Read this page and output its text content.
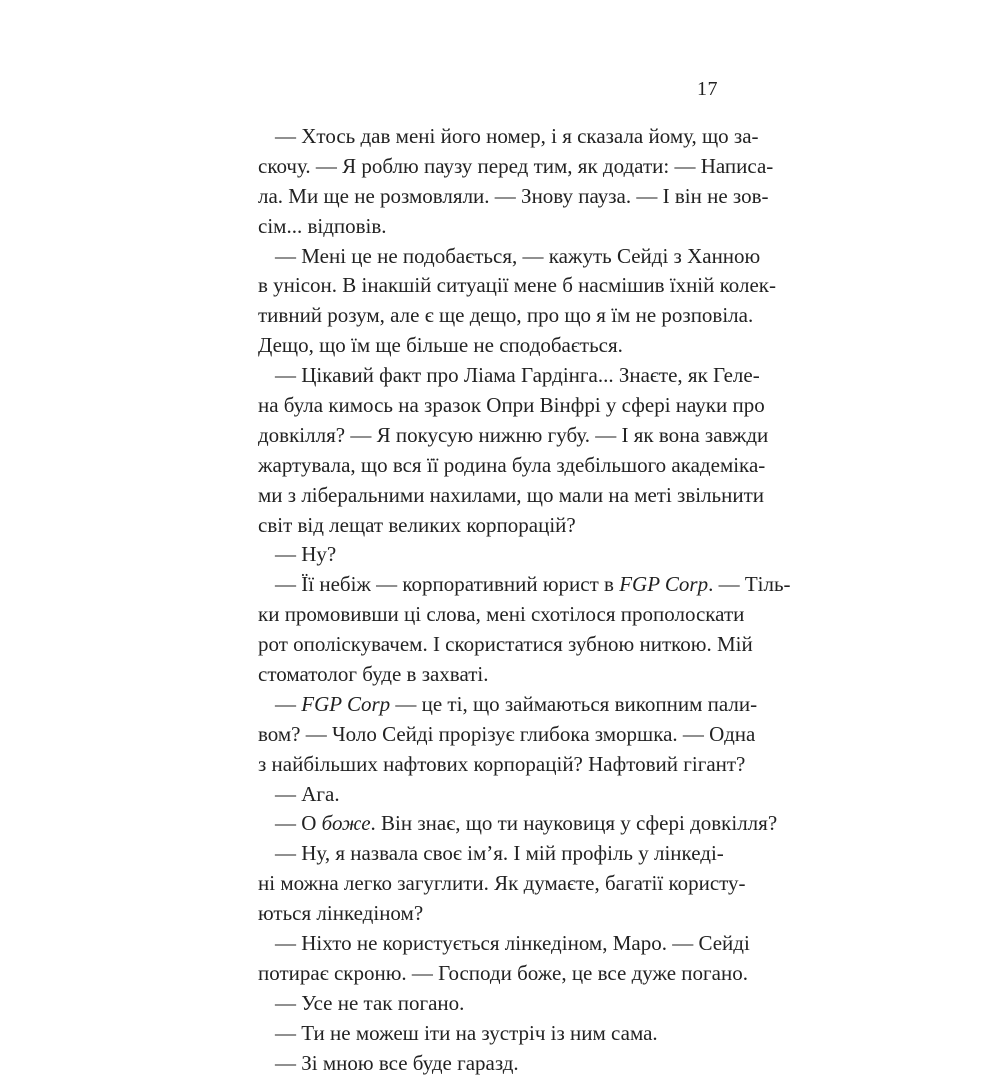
17
— Хтось дав мені його номер, і я сказала йому, що за-
скочу. — Я роблю паузу перед тим, як додати: — Написа-
ла. Ми ще не розмовляли. — Знову пауза. — І він не зов-
сім... відповів.
— Мені це не подобається, — кажуть Сейді з Ханною
в унісон. В інакшій ситуації мене б насмішив їхній колек-
тивний розум, але є ще дещо, про що я їм не розповіла.
Дещо, що їм ще більше не сподобається.
— Цікавий факт про Ліама Гардінга... Знаєте, як Гелe-
на була кимось на зразок Опри Вінфрі у сфері науки про
довкілля? — Я покусую нижню губу. — І як вона завжди
жартувала, що вся її родина була здебільшого академіка-
ми з ліберальними нахилами, що мали на меті звільнити
світ від лещат великих корпорацій?
— Ну?
— Її небіж — корпоративний юрист в FGP Corp. — Тіль-
ки промовивши ці слова, мені схотілося прополоскати
рот ополіскувачем. І скористатися зубною ниткою. Мій
стоматолог буде в захваті.
— FGP Corp — це ті, що займаються викопним пали-
вом? — Чоло Сейді прорізує глибока зморшка. — Одна
з найбільших нафтових корпорацій? Нафтовий гігант?
— Ага.
— О боже. Він знає, що ти науковиця у сфері довкілля?
— Ну, я назвала своє ім’я. І мій профіль у лінкеді-
ні можна легко загуглити. Як думаєте, багатії користу-
ються лінкедіном?
— Ніхто не користується лінкедіном, Маро. — Сейді
потирає скроню. — Господи боже, це все дуже погано.
— Усе не так погано.
— Ти не можеш іти на зустріч із ним сама.
— Зі мною все буде гаразд.
